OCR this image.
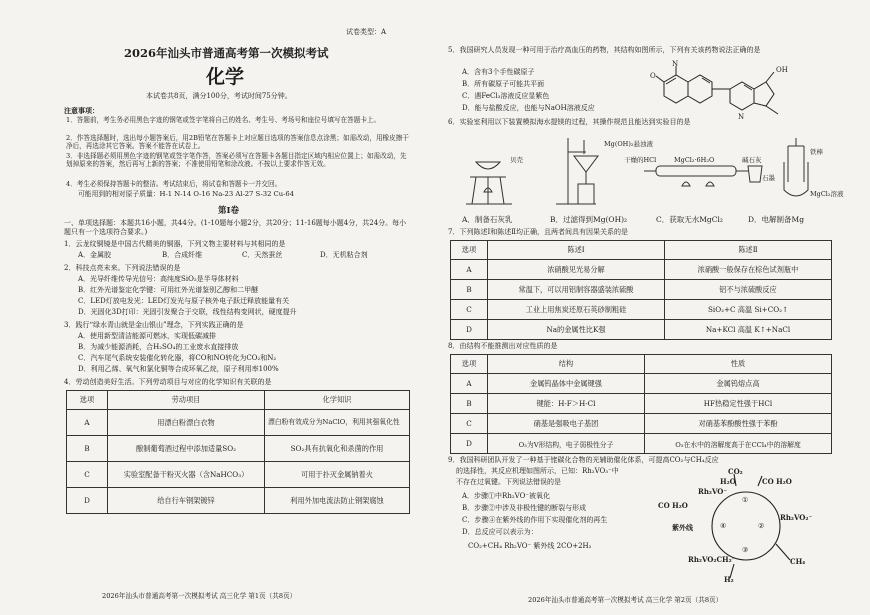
试卷类型：A
2026年汕头市普通高考第一次模拟考试
化学
本试卷共8页，满分100分，考试时间75分钟。
注意事项：
1．答题前，考生务必用黑色字迹的钢笔或签字笔将自己的姓名、考生号、考场号和座位号填写在答题卡上。
2．作答选择题时，选出每小题答案后，用2B铅笔在答题卡上对应题目选项的答案信息点涂黑；如需改动，用橡皮擦干净后，再选涂其它答案。答案不能答在试卷上。
3．非选择题必须用黑色字迹的钢笔或签字笔作答，答案必须写在答题卡各题目指定区域内相应位置上；如需改动，先划掉原来的答案，然后再写上新的答案；不准使用铅笔和涂改液。不按以上要求作答无效。
4．考生必须保持答题卡的整洁。考试结束后，将试卷和答题卡一并交回。
可能用到的相对原子质量：H-1 N-14 O-16 Na-23 Al-27 S-32 Cu-64
第Ⅰ卷
一、单项选择题：本题共16小题，共44分。(1-10题每小题2分，共20分；11-16题每小题4分，共24分。每小题只有一个选项符合要求。)
1．云龙纹铜镜是中国古代精美的铜器，下列文物主要材料与其相同的是
A．金属胶	B．合成纤维	C．天然蚕丝	D．无机粘合剂
2．科技点亮未来。下列说法错误的是
A．光导纤维传导光信号：高纯度SiO₂是半导体材料
B．红外光谱鉴定化学键：可用红外光谱鉴别乙醇和二甲醚
C．LED灯放电发光：LED灯发光与原子核外电子跃迁释放能量有关
D．光固化3D打印：光固引发聚合于交联，线性结构变网状，硬度提升
3．践行“绿水青山就是金山银山”理念，下列实践正确的是
A．使用新型清洁能源可燃冰，实现低碳减排
B．为减少能源消耗，合H₂SO₄的工业废水直接排放
C．汽车尾气系统安装催化转化器，将CO和NO转化为CO₂和N₂
D．利用乙烯、氧气和氯化铜等合成环氧乙烷，原子利用率100%
4．劳动创造美好生活。下列劳动项目与对应的化学知识有关联的是
选项	劳动项目	化学知识
A	用漂白粉漂白衣物	漂白粉有效成分为NaClO，利用其强氧化性
B	酿制葡萄酒过程中添加适量SO₂	SO₂具有抗氧化和杀菌的作用
C	实验室配备干粉灭火器（含NaHCO₃）	可用于扑灭金属钠着火
D	给自行车钢架镀锌	利用外加电流法防止钢架腐蚀
2026年汕头市普通高考第一次模拟考试 高三化学 第1页（共8页）
5．我国研究人员发现一种可用于治疗高血压的药物，其结构如图所示，下列有关该药物说法正确的是
A．含有3个手性碳原子
B．所有碳原子可能共平面
C．遇FeCl₃溶液反应显紫色
D．能与盐酸反应，也能与NaOH溶液反应
O
N
N
OH
6．实验室利用以下装置模拟海水提镁的过程，其操作规范且能达到实验目的是
贝壳
Mg(OH)₂悬浊液
干燥的HCl	MgCl₂·6H₂O	碱石灰
石墨
铁棒
MgCl₂溶液
A．制备石灰乳	B．过滤得到Mg(OH)₂	C．获取无水MgCl₂	D．电解制备Mg
7．下列陈述Ⅰ和陈述Ⅱ均正确，且两者间具有因果关系的是
选项	陈述Ⅰ	陈述Ⅱ
A	浓硝酸见光易分解	浓硝酸一般保存在棕色试剂瓶中
B	常温下，可以用铝制容器盛装浓硫酸	铝不与浓硫酸反应
C	工业上用焦炭还原石英砂制粗硅	SiO₂+C 高温 Si+CO₂↑
D	Na的金属性比K强	Na+KCl 高温 K↑+NaCl
8．由结构不能推测出对应性质的是
选项	结构	性质
A	金属钨晶体中金属键强	金属钨熔点高
B	键能：H-F＞H-Cl	HF热稳定性强于HCl
C	硝基是强吸电子基团	对硝基苯酚酸性强于苯酚
D	O₃为V形结构，电子弱极性分子	O₃在水中的溶解度高于在CCl₄中的溶解度
9．我国科研团队开发了一种基于铑碳化合物的光辅助催化体系，可提高CO₂与CH₄反应
的选择性，其反应机理如图所示，已知：Rh₂VO₃⁻中
不存在过氧键。下列说法错误的是
A．步骤①中Rh₂VO⁻被氧化
B．步骤②中涉及非极性键的断裂与形成
C．步骤④在紫外线的作用下实现催化剂的再生
D．总反应可以表示为：
CO₂+CH₄ Rh₂VO⁻ 紫外线 2CO+2H₂
CO₂
H₂O	CO H₂O
Rh₂VO⁻
Rh₂VO₂⁻
Rh₂VO₂CH₂⁻
CO H₂O
CH₄
H₂
紫外线
①
②
③
④
2026年汕头市普通高考第一次模拟考试 高三化学 第2页（共8页）
